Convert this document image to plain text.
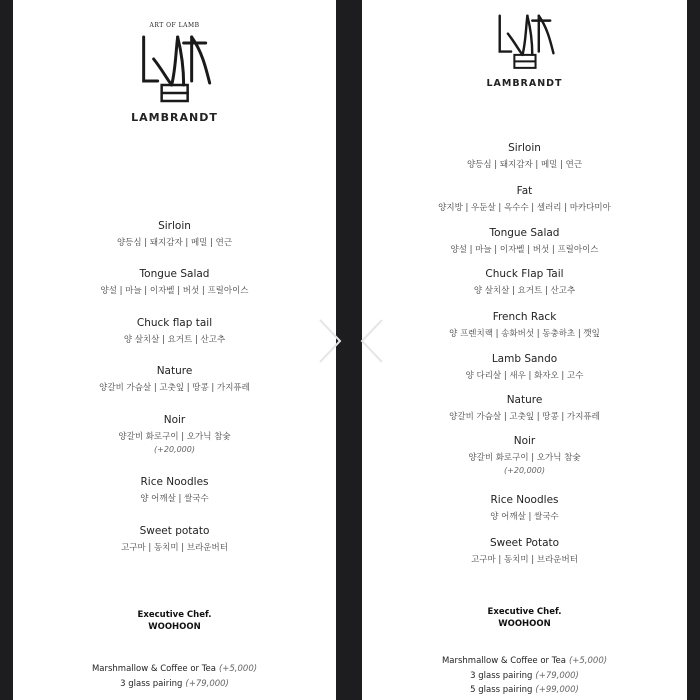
ART OF LAMB
LAMBRANDT
Sirloin
양등심 | 돼지감자 | 메밀 | 연근
Tongue Salad
양설 | 마늘 | 이자벨 | 버섯 | 프릴아이스
Chuck flap tail
양 살치살 | 요거트 | 산고추
Nature
양갈비 가슴살 | 고춧잎 | 땅콩 | 가지퓨레
Noir
양갈비 화로구이 | 오가닉 참숯
(+20,000)
Rice Noodles
양 어깨살 | 쌀국수
Sweet potato
고구마 | 동치미 | 브라운버터
Executive Chef.
WOOHOON
Marshmallow & Coffee or Tea (+5,000)
3 glass pairing (+79,000)
LAMBRANDT
Sirloin
양등심 | 돼지감자 | 메밀 | 연근
Fat
양지방 | 우둔살 | 옥수수 | 셀러리 | 마카다미아
Tongue Salad
양설 | 마늘 | 이자벨 | 버섯 | 프릴아이스
Chuck Flap Tail
양 살치살 | 요거트 | 산고추
French Rack
양 프렌치랙 | 송화버섯 | 동충하초 | 깻잎
Lamb Sando
양 다리살 | 새우 | 화자오 | 고수
Nature
양갈비 가슴살 | 고춧잎 | 땅콩 | 가지퓨레
Noir
양갈비 화로구이 | 오가닉 참숯
(+20,000)
Rice Noodles
양 어깨살 | 쌀국수
Sweet Potato
고구마 | 동치미 | 브라운버터
Executive Chef.
WOOHOON
Marshmallow & Coffee or Tea (+5,000)
3 glass pairing (+79,000)
5 glass pairing (+99,000)
